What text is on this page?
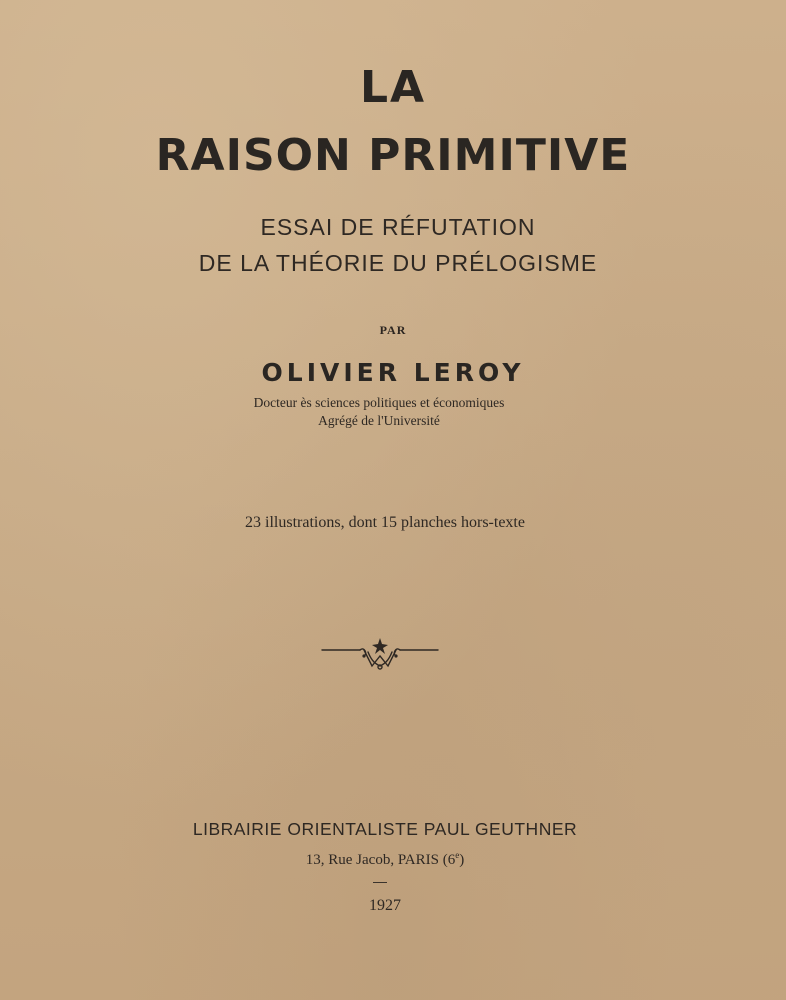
LA
RAISON PRIMITIVE
ESSAI DE RÉFUTATION
DE LA THÉORIE DU PRÉLOGISME
PAR
OLIVIER LEROY
Docteur ès sciences politiques et économiques
Agrégé de l'Université
23 illustrations, dont 15 planches hors-texte
LIBRAIRIE ORIENTALISTE PAUL GEUTHNER
13, Rue Jacob, PARIS (6e)
1927
